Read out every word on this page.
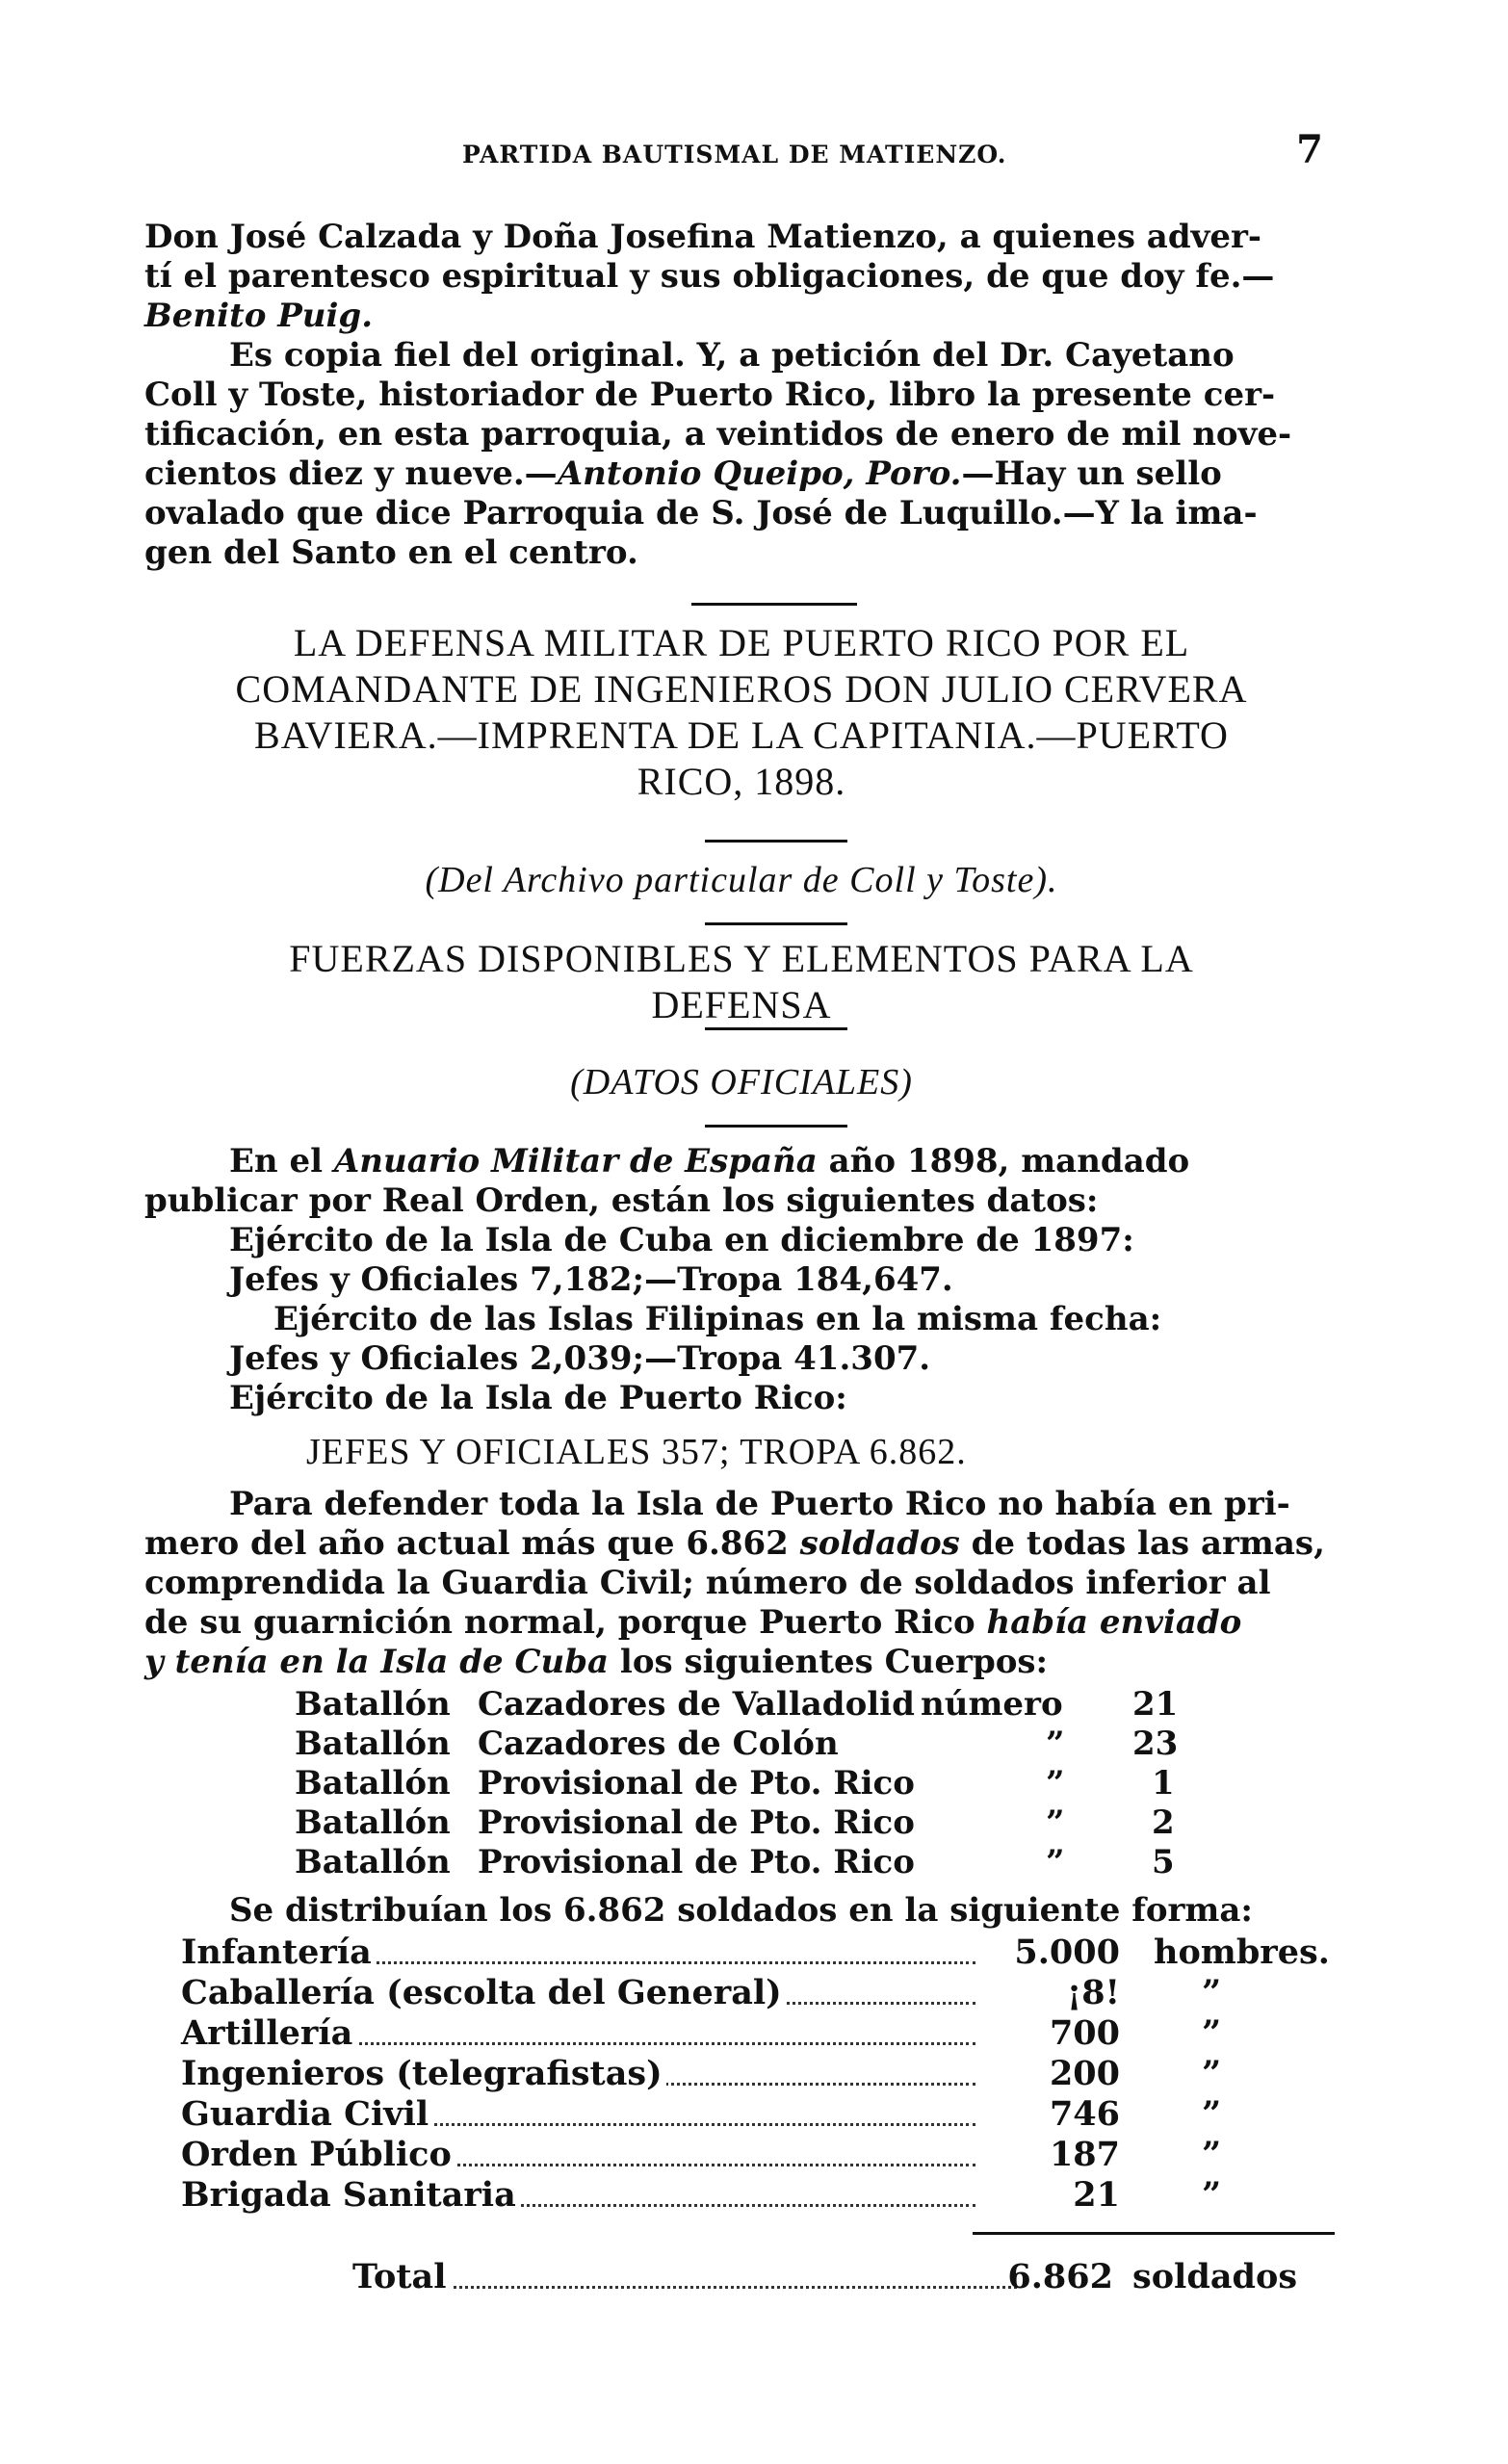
PARTIDA BAUTISMAL DE MATIENZO.	7
Don José Calzada y Doña Josefina Matienzo, a quienes adver-
tí el parentesco espiritual y sus obligaciones, de que doy fe.—
Benito Puig.
Es copia fiel del original. Y, a petición del Dr. Cayetano
Coll y Toste, historiador de Puerto Rico, libro la presente cer-
tificación, en esta parroquia, a veintidos de enero de mil nove-
cientos diez y nueve.—Antonio Queipo, Poro.—Hay un sello
ovalado que dice Parroquia de S. José de Luquillo.—Y la ima-
gen del Santo en el centro.
LA DEFENSA MILITAR DE PUERTO RICO POR EL
COMANDANTE DE INGENIEROS DON JULIO CERVERA
BAVIERA.—IMPRENTA DE LA CAPITANIA.—PUERTO
RICO, 1898.
(Del Archivo particular de Coll y Toste).
FUERZAS DISPONIBLES Y ELEMENTOS PARA LA
DEFENSA
(DATOS OFICIALES)
En el Anuario Militar de España año 1898, mandado
publicar por Real Orden, están los siguientes datos:
Ejército de la Isla de Cuba en diciembre de 1897:
Jefes y Oficiales 7,182;—Tropa 184,647.
Ejército de las Islas Filipinas en la misma fecha:
Jefes y Oficiales 2,039;—Tropa 41.307.
Ejército de la Isla de Puerto Rico:
JEFES Y OFICIALES 357; TROPA 6.862.
Para defender toda la Isla de Puerto Rico no había en pri-
mero del año actual más que 6.862 soldados de todas las armas,
comprendida la Guardia Civil; número de soldados inferior al
de su guarnición normal, porque Puerto Rico había enviado
y tenía en la Isla de Cuba los siguientes Cuerpos:
Batallón Cazadores de Valladolid número 21
Batallón Cazadores de Colón	” 23
Batallón Provisional de Pto. Rico	”	1
Batallón Provisional de Pto. Rico	”	2
Batallón Provisional de Pto. Rico	”	5
Se distribuían los 6.862 soldados en la siguiente forma:
Infantería	5.000 hombres.
Caballería (escolta del General)	¡8! ”
Artillería	700 ”
Ingenieros (telegrafistas)	200 ”
Guardia Civil	746 ”
Orden Público	187 ”
Brigada Sanitaria	21 ”
Total	6.862 soldados
